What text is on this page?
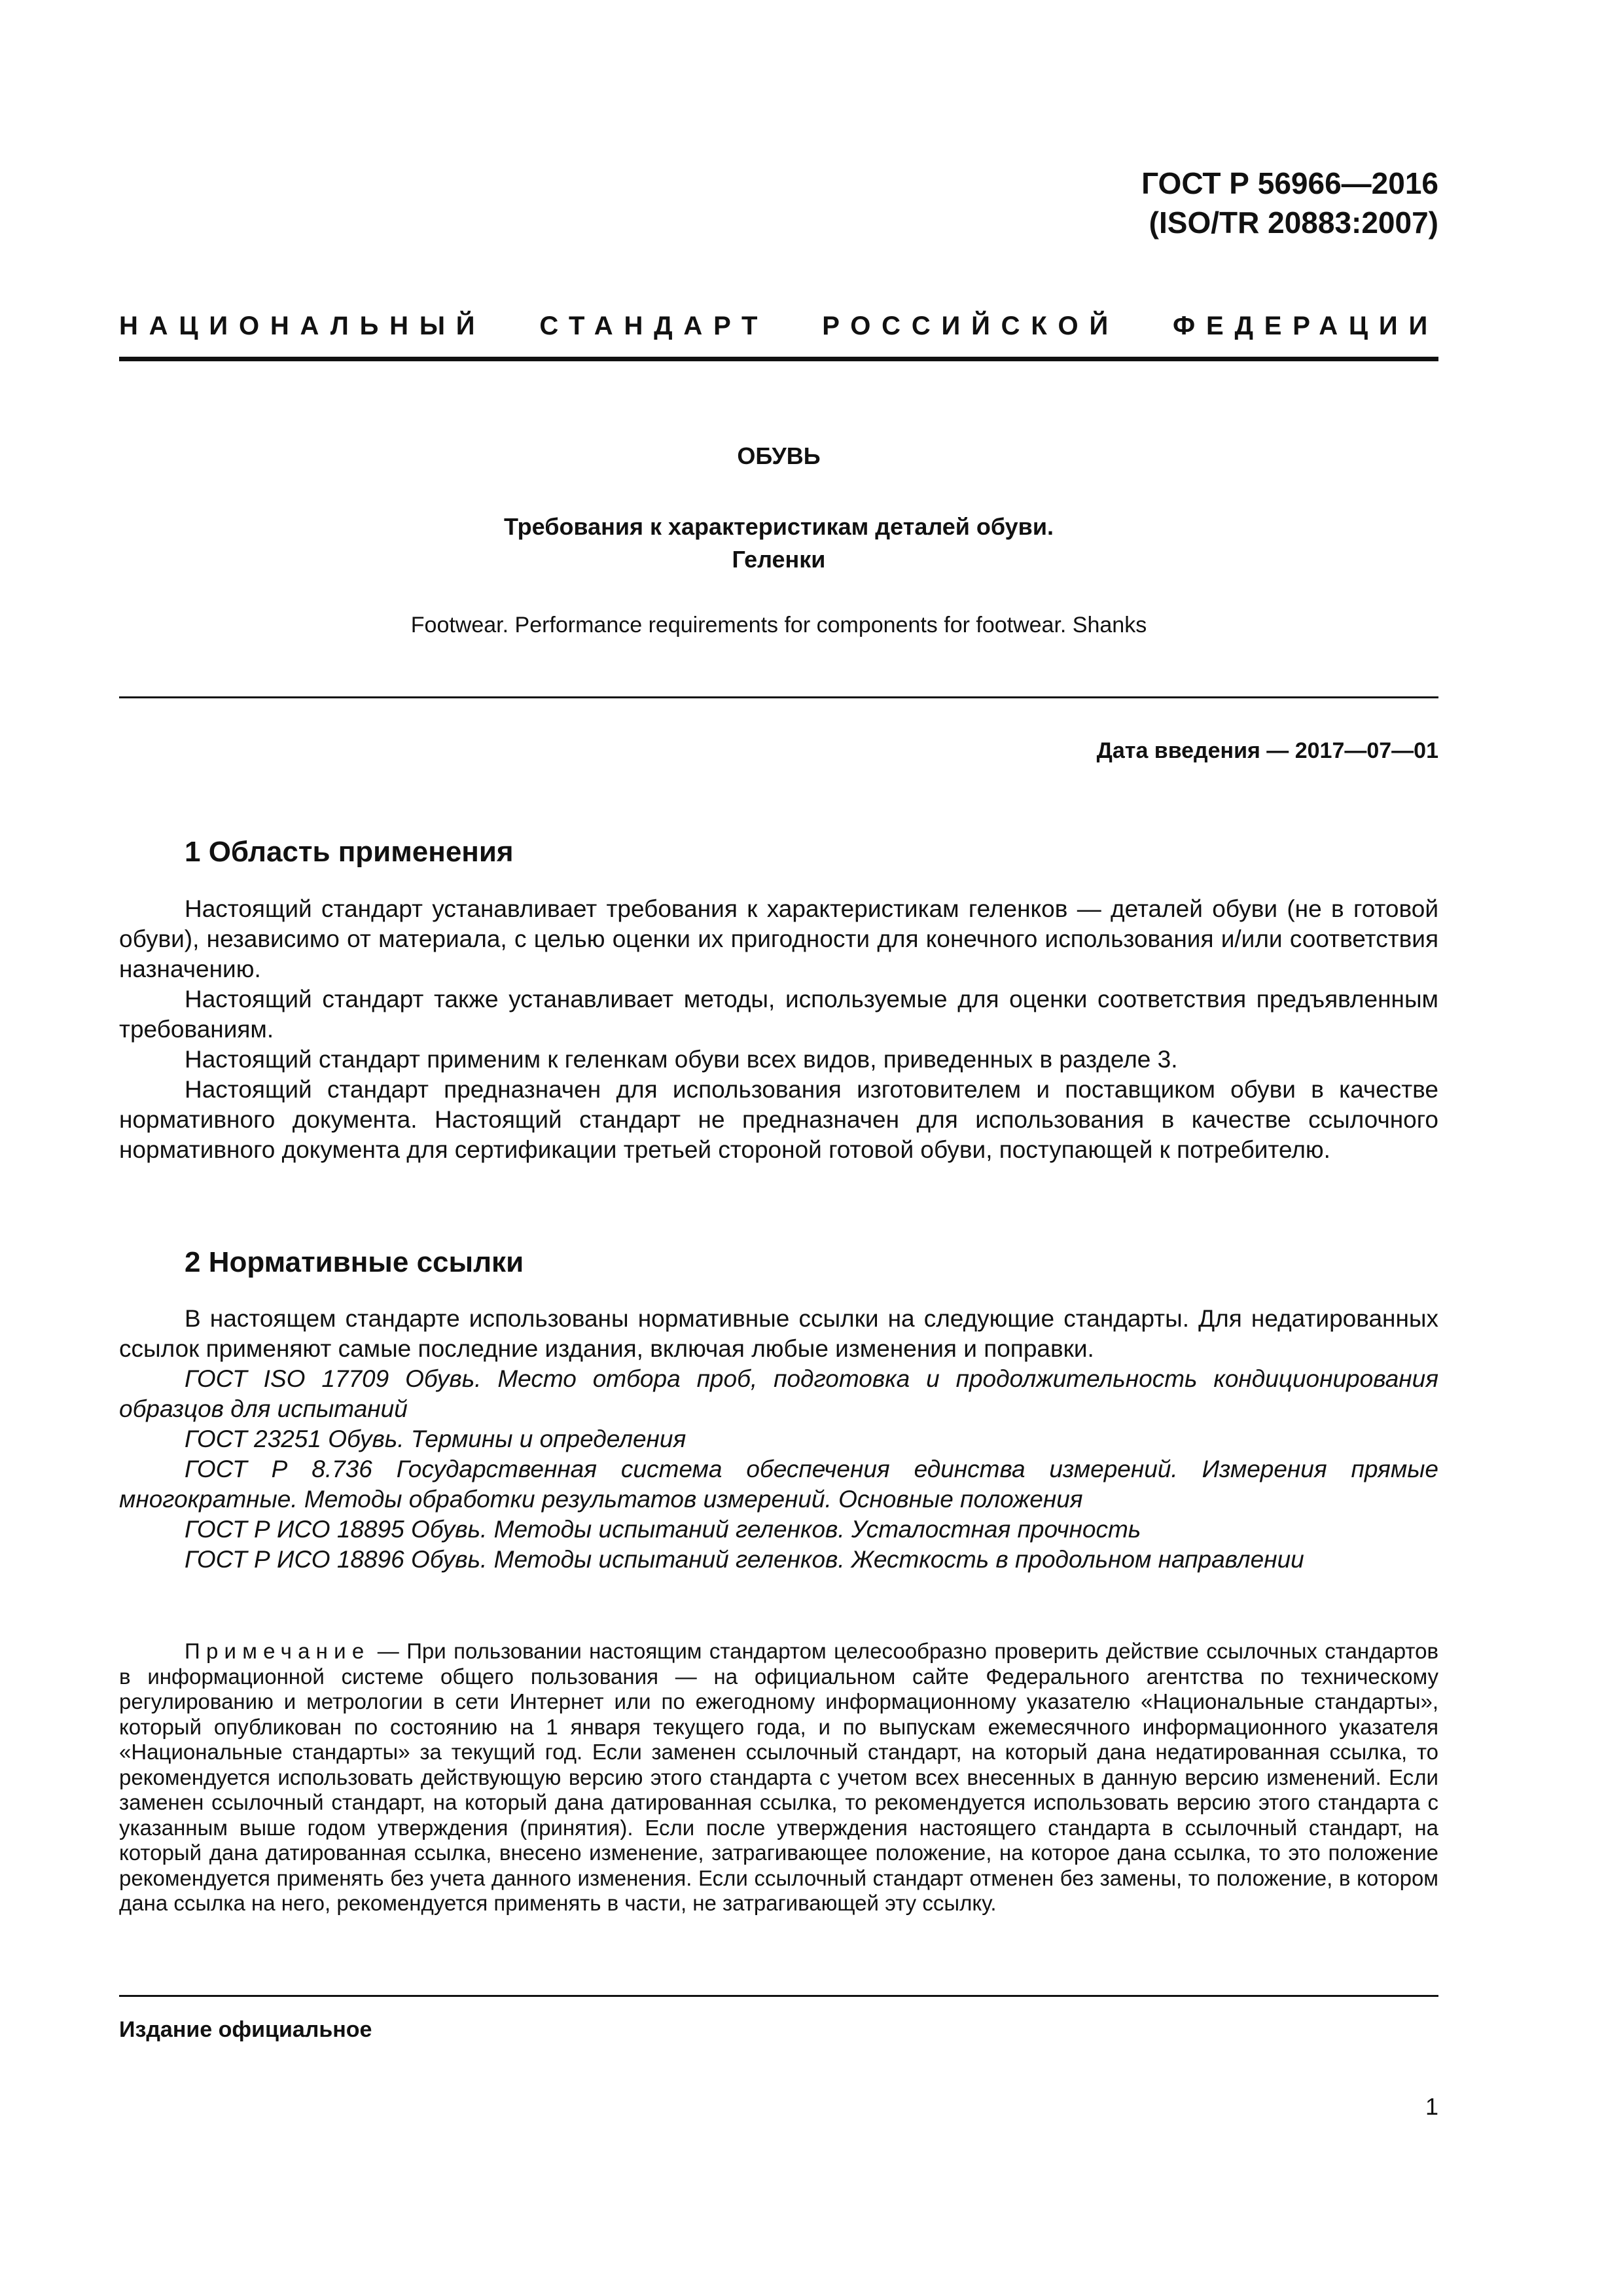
ГОСТ Р 56966—2016
(ISO/TR 20883:2007)
НАЦИОНАЛЬНЫЙ СТАНДАРТ РОССИЙСКОЙ ФЕДЕРАЦИИ
ОБУВЬ
Требования к характеристикам деталей обуви.
Геленки
Footwear. Performance requirements for components for footwear. Shanks
Дата введения — 2017—07—01
1 Область применения

Настоящий стандарт устанавливает требования к характеристикам геленков — деталей обуви (не в готовой обуви), независимо от материала, с целью оценки их пригодности для конечного использования и/или соответствия назначению.

Настоящий стандарт также устанавливает методы, используемые для оценки соответствия предъявленным требованиям.

Настоящий стандарт применим к геленкам обуви всех видов, приведенных в разделе 3.

Настоящий стандарт предназначен для использования изготовителем и поставщиком обуви в качестве нормативного документа. Настоящий стандарт не предназначен для использования в качестве ссылочного нормативного документа для сертификации третьей стороной готовой обуви, поступающей к потребителю.

2 Нормативные ссылки

В настоящем стандарте использованы нормативные ссылки на следующие стандарты. Для недатированных ссылок применяют самые последние издания, включая любые изменения и поправки.

ГОСТ ISO 17709 Обувь. Место отбора проб, подготовка и продолжительность кондиционирования образцов для испытаний

ГОСТ 23251 Обувь. Термины и определения

ГОСТ Р 8.736 Государственная система обеспечения единства измерений. Измерения прямые многократные. Методы обработки результатов измерений. Основные положения

ГОСТ Р ИСО 18895 Обувь. Методы испытаний геленков. Усталостная прочность

ГОСТ Р ИСО 18896 Обувь. Методы испытаний геленков. Жесткость в продольном направлении

Примечание — При пользовании настоящим стандартом целесообразно проверить действие ссылочных стандартов в информационной системе общего пользования — на официальном сайте Федерального агентства по техническому регулированию и метрологии в сети Интернет или по ежегодному информационному указателю «Национальные стандарты», который опубликован по состоянию на 1 января текущего года, и по выпускам ежемесячного информационного указателя «Национальные стандарты» за текущий год. Если заменен ссылочный стандарт, на который дана недатированная ссылка, то рекомендуется использовать действующую версию этого стандарта с учетом всех внесенных в данную версию изменений. Если заменен ссылочный стандарт, на который дана датированная ссылка, то рекомендуется использовать версию этого стандарта с указанным выше годом утверждения (принятия). Если после утверждения настоящего стандарта в ссылочный стандарт, на который дана датированная ссылка, внесено изменение, затрагивающее положение, на которое дана ссылка, то это положение рекомендуется применять без учета данного изменения. Если ссылочный стандарт отменен без замены, то положение, в котором дана ссылка на него, рекомендуется применять в части, не затрагивающей эту ссылку.

Издание официальное
1
